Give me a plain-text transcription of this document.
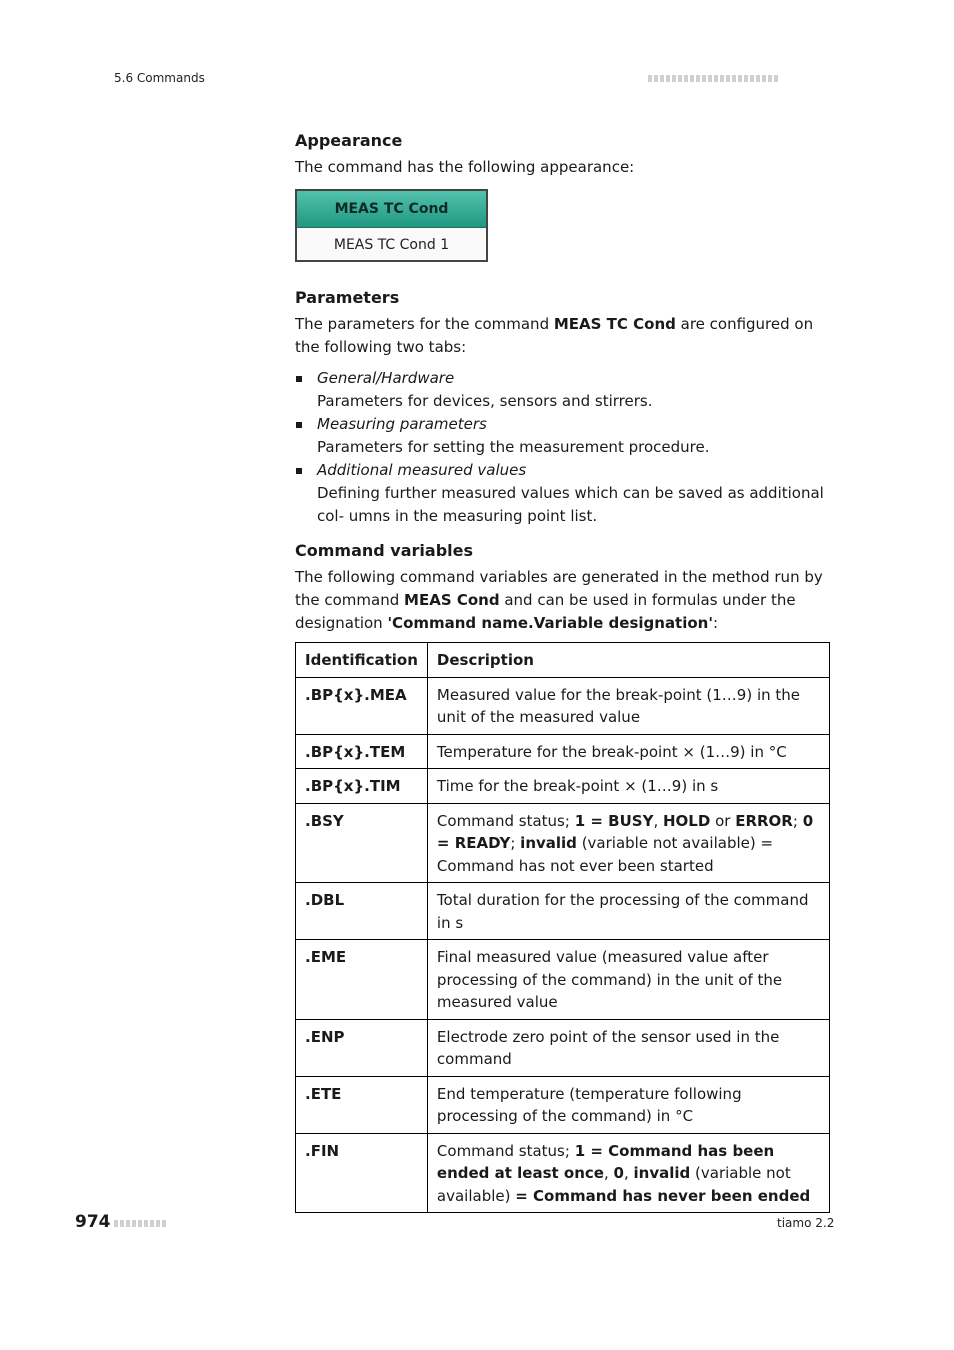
5.6 Commands
Appearance

The command has the following appearance:

MEAS TC Cond
MEAS TC Cond 1
Parameters

The parameters for the command MEAS TC Cond are configured on the following two tabs:

General/Hardware
Parameters for devices, sensors and stirrers.
Measuring parameters
Parameters for setting the measurement procedure.
Additional measured values
Defining further measured values which can be saved as additional col- umns in the measuring point list.
Command variables

The following command variables are generated in the method run by the command MEAS Cond and can be used in formulas under the designation 'Command name.Variable designation':

Identification	Description
.BP{x}.MEA	Measured value for the break-point (1…9) in the unit of the measured value
.BP{x}.TEM	Temperature for the break-point × (1…9) in °C
.BP{x}.TIM	Time for the break-point × (1…9) in s
.BSY	Command status; 1 = BUSY, HOLD or ERROR; 0 = READY; invalid (variable not available) = Command has not ever been started
.DBL	Total duration for the processing of the command in s
.EME	Final measured value (measured value after processing of the command) in the unit of the measured value
.ENP	Electrode zero point of the sensor used in the command
.ETE	End temperature (temperature following processing of the command) in °C
.FIN	Command status; 1 = Command has been ended at least once, 0, invalid (variable not available) = Command has never been ended
974	tiamo 2.2
